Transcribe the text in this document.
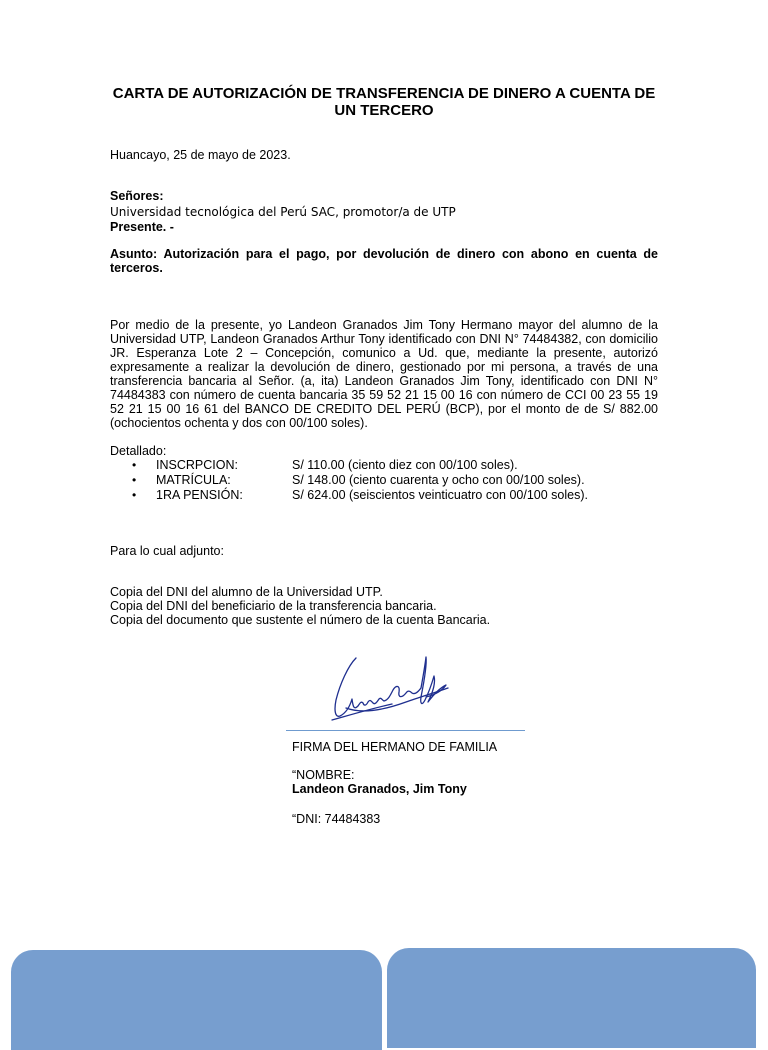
CARTA DE AUTORIZACIÓN DE TRANSFERENCIA DE DINERO A CUENTA DE UN TERCERO
Huancayo, 25 de mayo de 2023.
Señores:
Universidad tecnológica del Perú SAC, promotor/a de UTP
Presente. -
Asunto: Autorización para el pago, por devolución de dinero con abono en cuenta de terceros.
Por medio de la presente, yo Landeon Granados Jim Tony Hermano mayor del alumno de la Universidad UTP, Landeon Granados Arthur Tony identificado con DNI N° 74484382, con domicilio JR. Esperanza Lote 2 – Concepción, comunico a Ud. que, mediante la presente, autorizó expresamente a realizar la devolución de dinero, gestionado por mi persona, a través de una transferencia bancaria al Señor. (a, ita) Landeon Granados Jim Tony, identificado con DNI N° 74484383 con número de cuenta bancaria 35 59 52 21 15 00 16 con número de CCI 00 23 55 19 52 21 15 00 16 61 del BANCO DE CREDITO DEL PERÚ (BCP), por el monto de de S/ 882.00 (ochocientos ochenta y dos con 00/100 soles).
Detallado:
• INSCRPCION:	S/ 110.00 (ciento diez con 00/100 soles).
• MATRÍCULA:	S/ 148.00 (ciento cuarenta y ocho con 00/100 soles).
• 1RA PENSIÓN:	S/ 624.00 (seiscientos veinticuatro con 00/100 soles).
Para lo cual adjunto:
Copia del DNI del alumno de la Universidad UTP.
Copia del DNI del beneficiario de la transferencia bancaria.
Copia del documento que sustente el número de la cuenta Bancaria.
FIRMA DEL HERMANO DE FAMILIA
“NOMBRE:
Landeon Granados, Jim Tony
“DNI: 74484383
